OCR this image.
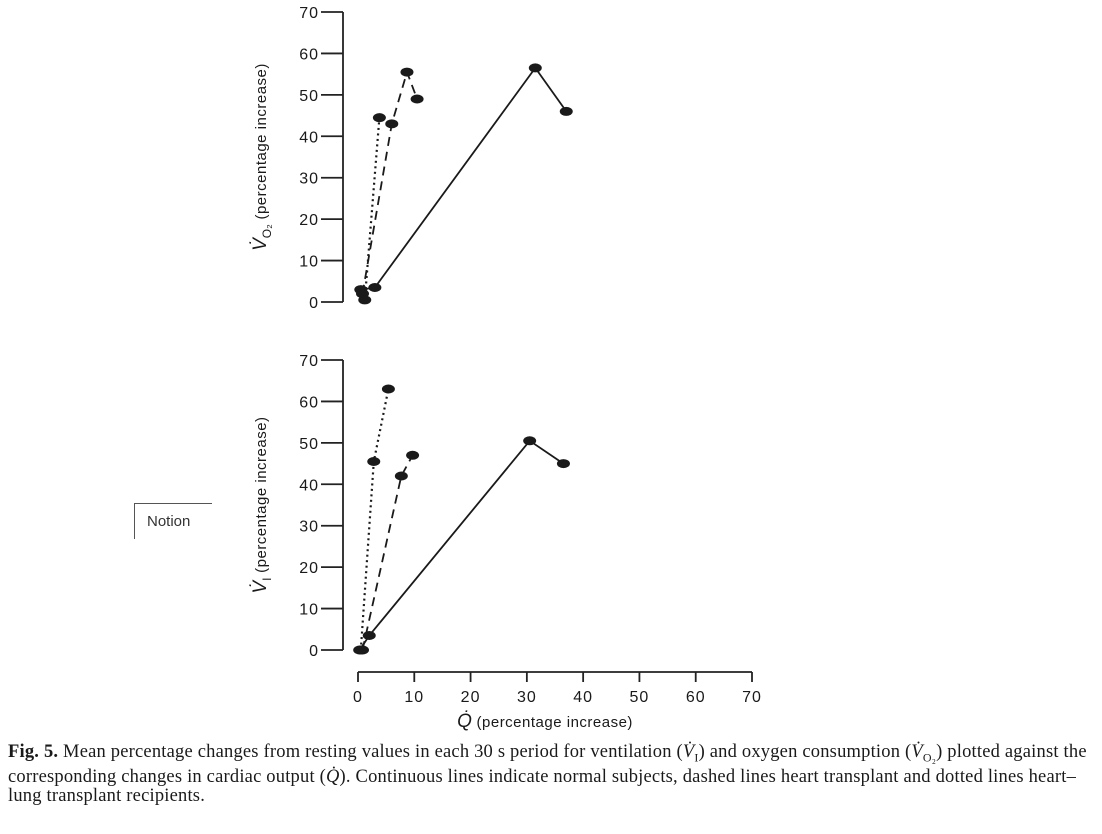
0
10
20
30
40
50
60
70
$V̇_{O_2}$ (percentage increase)
0
10
20
30
40
50
60
70
$V̇_I$ (percentage increase)
0	10 20 30 40 50 60 70
Q̇ (percentage increase)
Notion

Fig. 5. Mean percentage changes from resting values in each 30 s period for ventilation $(V̇_I)$ and oxygen consumption $(V̇_{O_2})$ plotted against the corresponding changes in cardiac output (Q̇). Continuous lines indicate normal subjects, dashed lines heart transplant and dotted lines heart–lung transplant recipients.
